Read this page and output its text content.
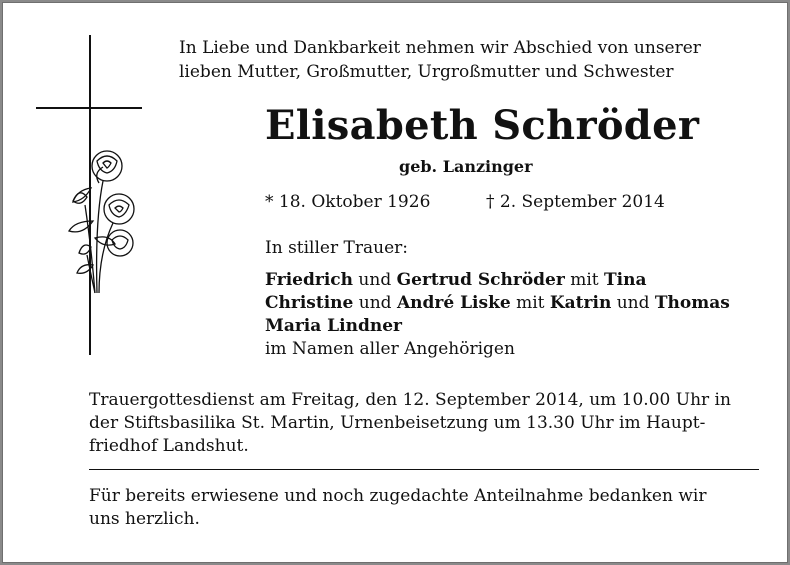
In Liebe und Dankbarkeit nehmen wir Abschied von unserer
lieben Mutter, Großmutter, Urgroßmutter und Schwester
Elisabeth Schröder
geb. Lanzinger
* 18. Oktober 1926	† 2. September 2014
In stiller Trauer:
Friedrich und Gertrud Schröder mit Tina
Christine und André Liske mit Katrin und Thomas
Maria Lindner
im Namen aller Angehörigen
Trauergottesdienst am Freitag, den 12. September 2014, um 10.00 Uhr in
der Stiftsbasilika St. Martin, Urnenbeisetzung um 13.30 Uhr im Haupt-
friedhof Landshut.
Für bereits erwiesene und noch zugedachte Anteilnahme bedanken wir
uns herzlich.
